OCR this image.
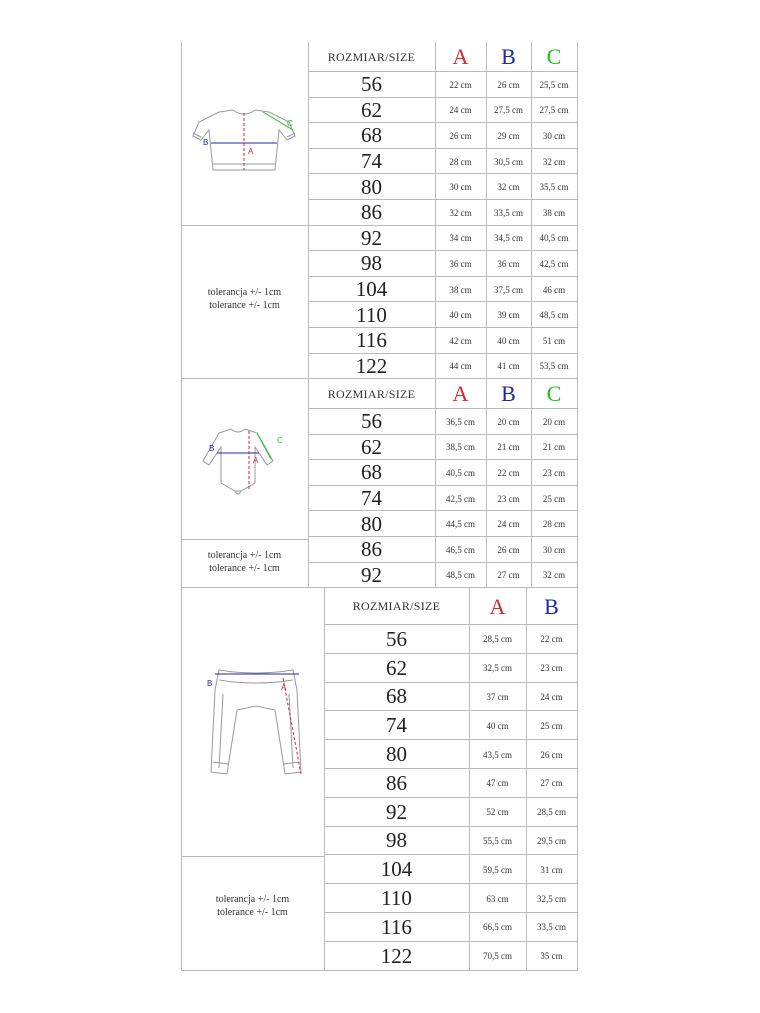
B
A
C
tolerancja +/- 1cm
tolerance +/- 1cm
ROZMIAR/SIZE	A	B	C
56	22 cm	26 cm	25,5 cm
62	24 cm	27,5 cm	27,5 cm
68	26 cm	29 cm	30 cm
74	28 cm	30,5 cm	32 cm
80	30 cm	32 cm	35,5 cm
86	32 cm	33,5 cm	38 cm
92	34 cm	34,5 cm	40,5 cm
98	36 cm	36 cm	42,5 cm
104	38 cm	37,5 cm	46 cm
110	40 cm	39 cm	48,5 cm
116	42 cm	40 cm	51 cm
122	44 cm	41 cm	53,5 cm
B
A
C
tolerancja +/- 1cm
tolerance +/- 1cm
ROZMIAR/SIZE	A	B	C
56	36,5 cm	20 cm	20 cm
62	38,5 cm	21 cm	21 cm
68	40,5 cm	22 cm	23 cm
74	42,5 cm	23 cm	25 cm
80	44,5 cm	24 cm	28 cm
86	46,5 cm	26 cm	30 cm
92	48,5 cm	27 cm	32 cm
B	A
tolerancja +/- 1cm
tolerance +/- 1cm
ROZMIAR/SIZE	A	B
56	28,5 cm	22 cm
62	32,5 cm	23 cm
68	37 cm	24 cm
74	40 cm	25 cm
80	43,5 cm	26 cm
86	47 cm	27 cm
92	52 cm	28,5 cm
98	55,5 cm	29,5 cm
104	59,5 cm	31 cm
110	63 cm	32,5 cm
116	66,5 cm	33,5 cm
122	70,5 cm	35 cm
